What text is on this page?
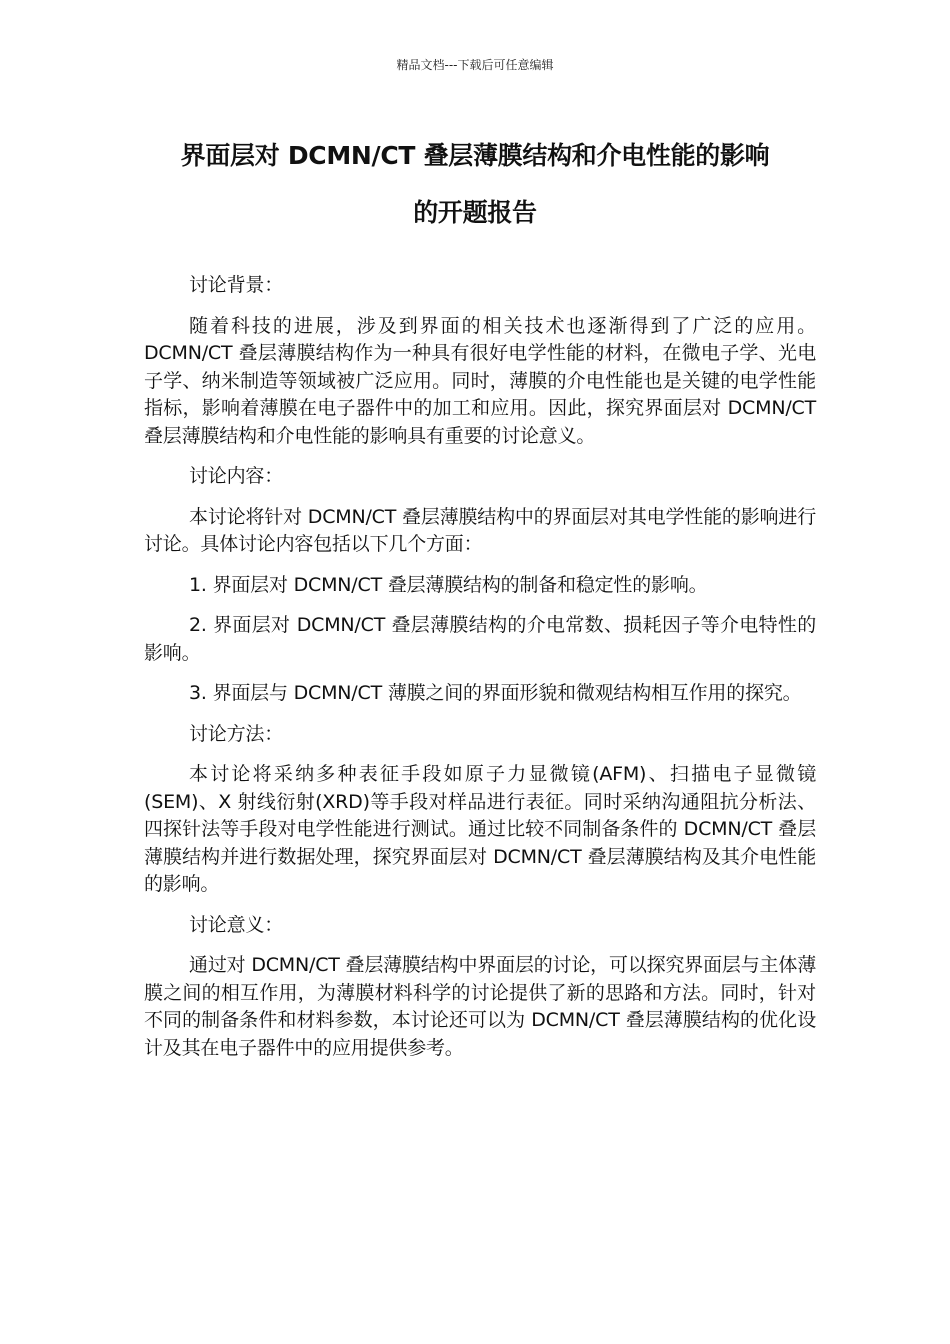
精品文档---下载后可任意编辑
界面层对 DCMN/CT 叠层薄膜结构和介电性能的影响
的开题报告

讨论背景：

随着科技的进展，涉及到界面的相关技术也逐渐得到了广泛的应用。DCMN/CT 叠层薄膜结构作为一种具有很好电学性能的材料，在微电子学、光电子学、纳米制造等领域被广泛应用。同时，薄膜的介电性能也是关键的电学性能指标，影响着薄膜在电子器件中的加工和应用。因此，探究界面层对 DCMN/CT 叠层薄膜结构和介电性能的影响具有重要的讨论意义。

讨论内容：

本讨论将针对 DCMN/CT 叠层薄膜结构中的界面层对其电学性能的影响进行讨论。具体讨论内容包括以下几个方面：

1. 界面层对 DCMN/CT 叠层薄膜结构的制备和稳定性的影响。

2. 界面层对 DCMN/CT 叠层薄膜结构的介电常数、损耗因子等介电特性的影响。

3. 界面层与 DCMN/CT 薄膜之间的界面形貌和微观结构相互作用的探究。

讨论方法：

本讨论将采纳多种表征手段如原子力显微镜(AFM)、扫描电子显微镜(SEM)、X 射线衍射(XRD)等手段对样品进行表征。同时采纳沟通阻抗分析法、四探针法等手段对电学性能进行测试。通过比较不同制备条件的 DCMN/CT 叠层薄膜结构并进行数据处理，探究界面层对 DCMN/CT 叠层薄膜结构及其介电性能的影响。

讨论意义：

通过对 DCMN/CT 叠层薄膜结构中界面层的讨论，可以探究界面层与主体薄膜之间的相互作用，为薄膜材料科学的讨论提供了新的思路和方法。同时，针对不同的制备条件和材料参数，本讨论还可以为 DCMN/CT 叠层薄膜结构的优化设计及其在电子器件中的应用提供参考。
